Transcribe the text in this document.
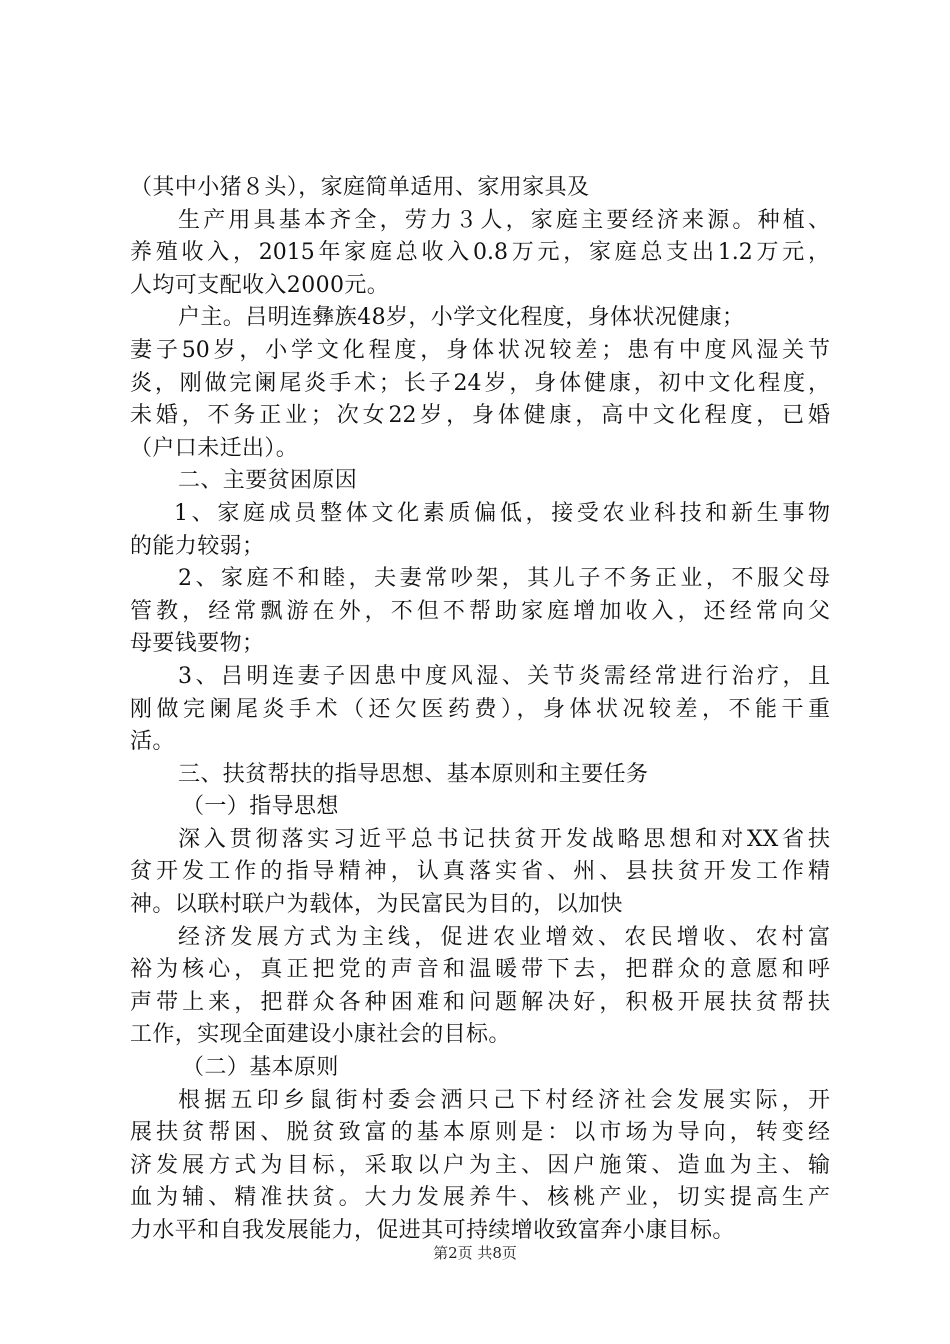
（其中小猪８头），家庭简单适用、家用家具及
生产用具基本齐全，劳力３人，家庭主要经济来源。种植、
养殖收入，2015年家庭总收入0.8万元，家庭总支出1.2万元，
人均可支配收入2000元。
户主。吕明连彝族48岁，小学文化程度，身体状况健康；
妻子50岁，小学文化程度，身体状况较差；患有中度风湿关节
炎，刚做完阑尾炎手术；长子24岁，身体健康，初中文化程度，
未婚，不务正业；次女22岁，身体健康，高中文化程度，已婚
（户口未迁出）。
二、主要贫困原因
1、家庭成员整体文化素质偏低，接受农业科技和新生事物
的能力较弱；
2、家庭不和睦，夫妻常吵架，其儿子不务正业，不服父母
管教，经常飘游在外，不但不帮助家庭增加收入，还经常向父
母要钱要物；
3、吕明连妻子因患中度风湿、关节炎需经常进行治疗，且
刚做完阑尾炎手术（还欠医药费），身体状况较差，不能干重
活。
三、扶贫帮扶的指导思想、基本原则和主要任务
（一）指导思想
深入贯彻落实习近平总书记扶贫开发战略思想和对XX省扶
贫开发工作的指导精神，认真落实省、州、县扶贫开发工作精
神。以联村联户为载体，为民富民为目的，以加快
经济发展方式为主线，促进农业增效、农民增收、农村富
裕为核心，真正把党的声音和温暖带下去，把群众的意愿和呼
声带上来，把群众各种困难和问题解决好，积极开展扶贫帮扶
工作，实现全面建设小康社会的目标。
（二）基本原则
根据五印乡鼠街村委会洒只己下村经济社会发展实际，开
展扶贫帮困、脱贫致富的基本原则是：以市场为导向，转变经
济发展方式为目标，采取以户为主、因户施策、造血为主、输
血为辅、精准扶贫。大力发展养牛、核桃产业，切实提高生产
力水平和自我发展能力，促进其可持续增收致富奔小康目标。
第2页 共8页
